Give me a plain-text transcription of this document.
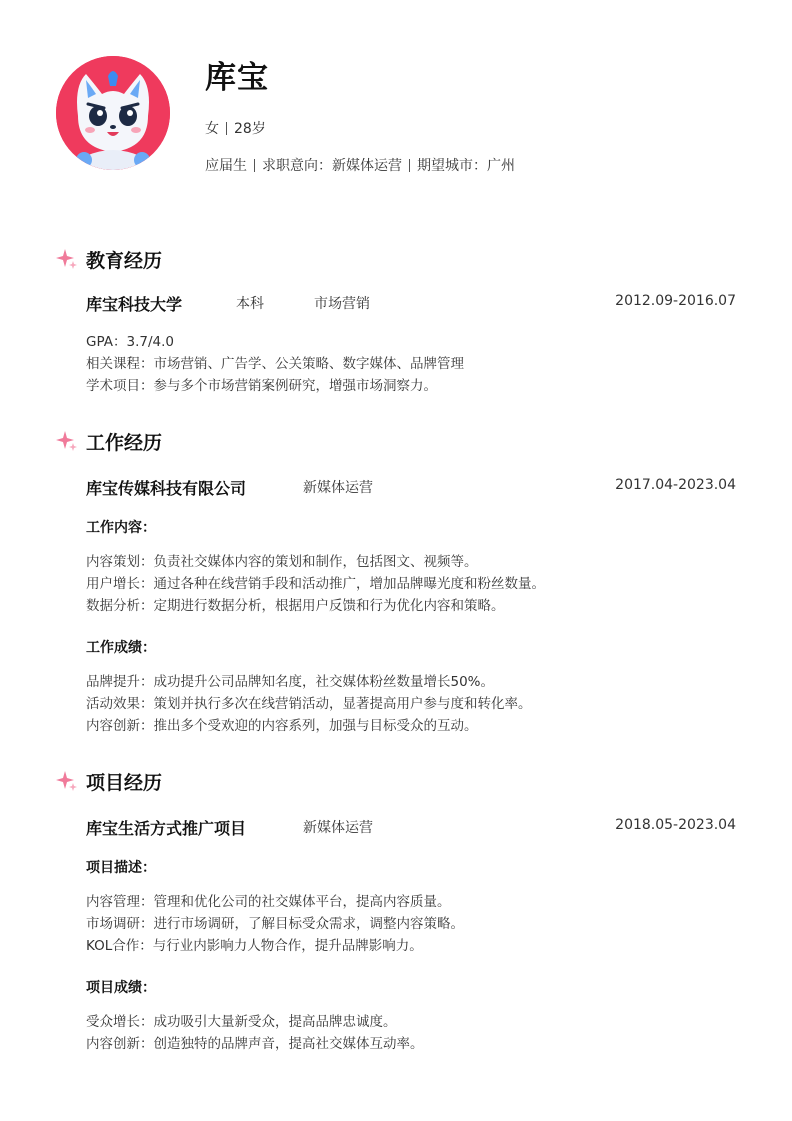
库宝
女 28岁
应届生 求职意向：新媒体运营 期望城市：广州
教育经历
库宝科技大学	本科	市场营销	2012.09-2016.07
GPA：3.7/4.0
相关课程：市场营销、广告学、公关策略、数字媒体、品牌管理
学术项目：参与多个市场营销案例研究，增强市场洞察力。
工作经历
库宝传媒科技有限公司	新媒体运营	2017.04-2023.04
工作内容：
内容策划：负责社交媒体内容的策划和制作，包括图文、视频等。
用户增长：通过各种在线营销手段和活动推广，增加品牌曝光度和粉丝数量。
数据分析：定期进行数据分析，根据用户反馈和行为优化内容和策略。
工作成绩：
品牌提升：成功提升公司品牌知名度，社交媒体粉丝数量增长50%。
活动效果：策划并执行多次在线营销活动，显著提高用户参与度和转化率。
内容创新：推出多个受欢迎的内容系列，加强与目标受众的互动。
项目经历
库宝生活方式推广项目	新媒体运营	2018.05-2023.04
项目描述：
内容管理：管理和优化公司的社交媒体平台，提高内容质量。
市场调研：进行市场调研，了解目标受众需求，调整内容策略。
KOL合作：与行业内影响力人物合作，提升品牌影响力。
项目成绩：
受众增长：成功吸引大量新受众，提高品牌忠诚度。
内容创新：创造独特的品牌声音，提高社交媒体互动率。
